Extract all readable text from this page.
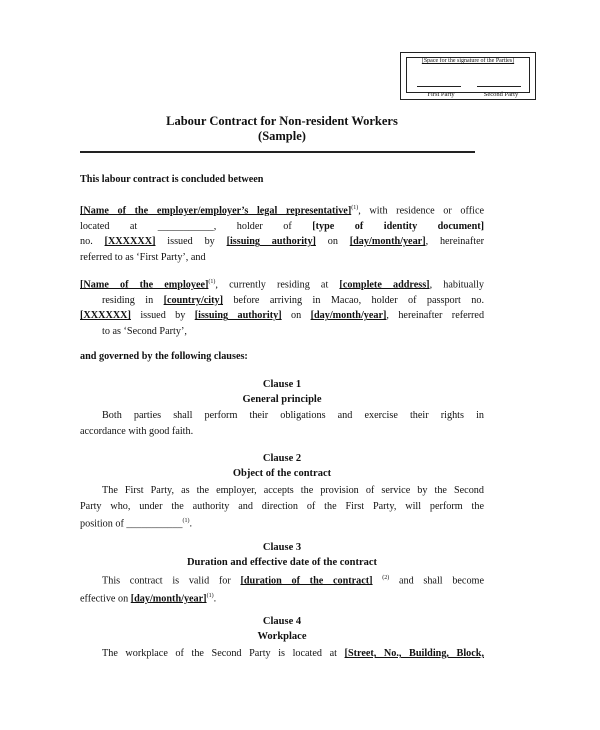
[Space for the signature of the Parties]
First Party	Second Party
Labour Contract for Non-resident Workers
(Sample)
This labour contract is concluded between
[Name of the employer/employer’s legal representative]$^{(1)}$, with residence or office
located at ___________, holder of [type of identity document]
no. [XXXXXX] issued by [issuing authority] on [day/month/year], hereinafter
referred to as ‘First Party’, and
[Name of the employee]$^{(1)}$, currently residing at [complete address], habitually
residing in [country/city] before arriving in Macao, holder of passport no.
[XXXXXX] issued by [issuing authority] on [day/month/year], hereinafter referred
to as ‘Second Party’,
and governed by the following clauses:
Clause 1
General principle
Both parties shall perform their obligations and exercise their rights in
accordance with good faith.
Clause 2
Object of the contract
The First Party, as the employer, accepts the provision of service by the Second
Party who, under the authority and direction of the First Party, will perform the
position of ___________$^{(1)}$.
Clause 3
Duration and effective date of the contract
This contract is valid for [duration of the contract] $^{(2)}$ and shall become
effective on [day/month/year]$^{(1)}$.
Clause 4
Workplace
The workplace of the Second Party is located at [Street, No., Building, Block,
